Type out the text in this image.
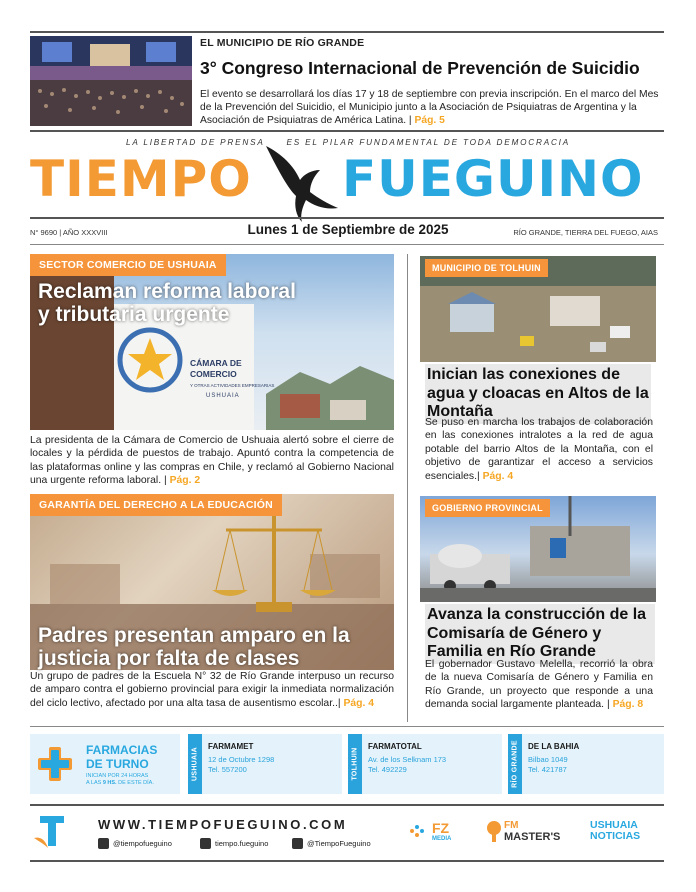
EL MUNICIPIO DE RÍO GRANDE
3° Congreso Internacional de Prevención de Suicidio
El evento se desarrollará los días 17 y 18 de septiembre con previa inscripción. En el marco del Mes de la Prevención del Suicidio, el Municipio junto a la Asociación de Psiquiatras de Argentina y la Asociación de Psiquiatras de América Latina. | Pág. 5
LA LIBERTAD DE PRENSA	ES EL PILAR FUNDAMENTAL DE TODA DEMOCRACIA
TIEMPO FUEGUINO
N° 9690 | AÑO XXXVIII	Lunes 1 de Septiembre de 2025	RÍO GRANDE, TIERRA DEL FUEGO, AIAS
CÁMARA DE
COMERCIO
Y OTRAS ACTIVIDADES EMPRESARIAS
USHUAIA
SECTOR COMERCIO DE USHUAIA
Reclaman reforma laboral
y tributaria urgente
La presidenta de la Cámara de Comercio de Ushuaia alertó sobre el cierre de locales y la pérdida de puestos de trabajo. Apuntó contra la competencia de las plataformas online y las compras en Chile, y reclamó al Gobierno Nacional una urgente reforma laboral. | Pág. 2
GARANTÍA DEL DERECHO A LA EDUCACIÓN
Padres presentan amparo en la
justicia por falta de clases
Un grupo de padres de la Escuela N° 32 de Río Grande interpuso un recurso de amparo contra el gobierno provincial para exigir la inmediata normalización del ciclo lectivo, afectado por una alta tasa de ausentismo escolar..| Pág. 4
MUNICIPIO DE TOLHUIN
Inician las conexiones de agua y cloacas en Altos de la Montaña
Se puso en marcha los trabajos de colaboración en las conexiones intralotes a la red de agua potable del barrio Altos de la Montaña, con el objetivo de garantizar el acceso a servicios esenciales.| Pág. 4
GOBIERNO PROVINCIAL
Avanza la construcción de la Comisaría de Género y Familia en Río Grande
El gobernador Gustavo Melella, recorrió la obra de la nueva Comisaría de Género y Familia en Río Grande, un proyecto que responde a una demanda social largamente planteada. | Pág. 8
FARMACIAS
DE TURNO
INICIAN POR 24 HORAS
A LAS 9 HS. DE ESTE DÍA.
USHUAIA
FARMAMET
12 de Octubre 1298
Tel. 557200	TOLHUIN
FARMATOTAL
Av. de los Selknam 173
Tel. 492229	RÍO GRANDE DE LA BAHIA
Bilbao 1049
Tel. 421787
WWW.TIEMPOFUEGUINO.COM
@tiempofueguino	tiempo.fueguino	@TiempoFueguino
FZ
MEDIA
FM
MASTER'S
USHUAIA
NOTICIAS
